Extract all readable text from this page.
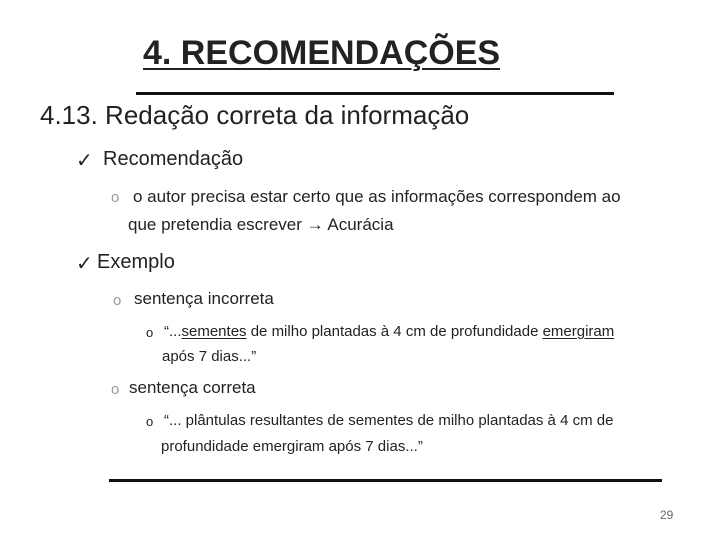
4. RECOMENDAÇÕES
4.13. Redação correta da informação
✓ Recomendação
o o autor precisa estar certo que as informações correspondem ao
que pretendia escrever → Acurácia
✓ Exemplo
o sentença incorreta
o “...sementes de milho plantadas à 4 cm de profundidade emergiram
após 7 dias...”
o sentença correta
o “... plântulas resultantes de sementes de milho plantadas à 4 cm de
profundidade emergiram após 7 dias...”
29
